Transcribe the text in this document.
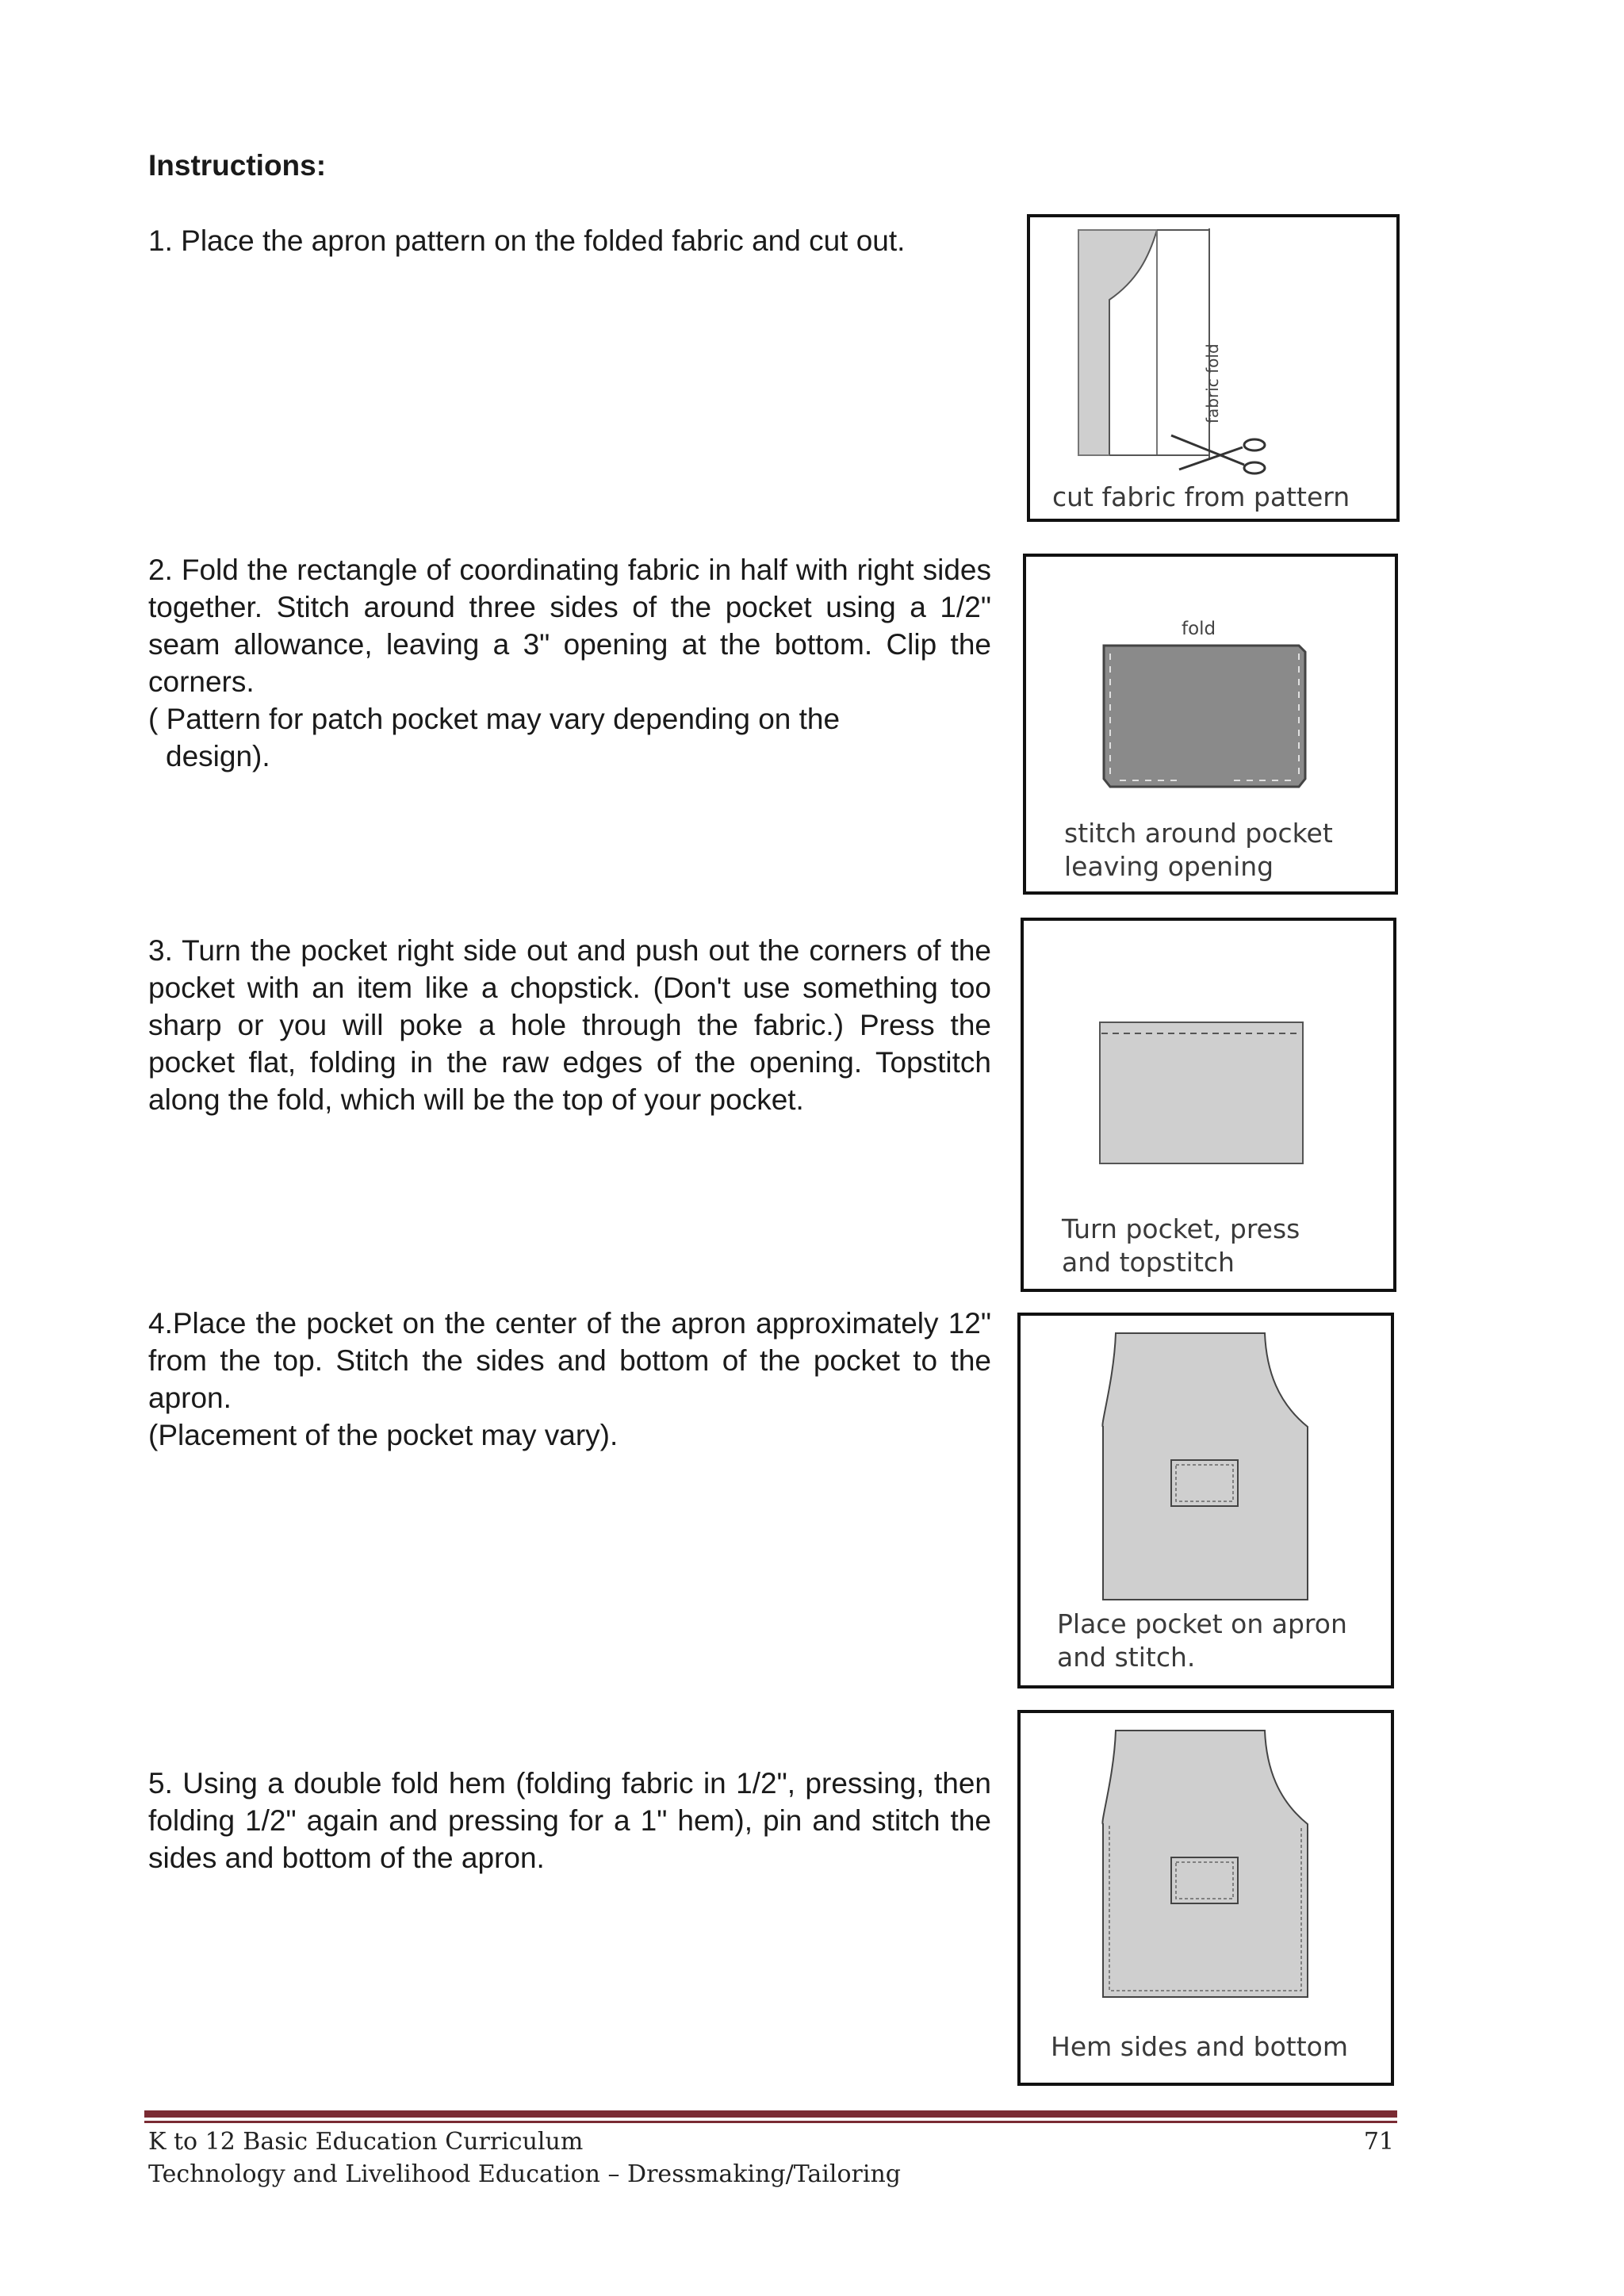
Instructions:

1. Place the apron pattern on the folded fabric and cut out.

fabric fold

cut fabric from pattern

2. Fold the rectangle of coordinating fabric in half with right sides together. Stitch around three sides of the pocket using a 1/2" seam allowance, leaving a 3" opening at the bottom. Clip the corners.

( Pattern for patch pocket may vary depending on the

design).

fold

stitch around pocket
leaving opening

3. Turn the pocket right side out and push out the corners of the pocket with an item like a chopstick. (Don't use something too sharp or you will poke a hole through the fabric.) Press the pocket flat, folding in the raw edges of the opening. Topstitch along the fold, which will be the top of your pocket.

Turn pocket, press
and topstitch

4.Place the pocket on the center of the apron approximately 12" from the top. Stitch the sides and bottom of the pocket to the apron.

(Placement of the pocket may vary).

Place pocket on apron
and stitch.

5. Using a double fold hem (folding fabric in 1/2", pressing, then folding 1/2" again and pressing for a 1" hem), pin and stitch the sides and bottom of the apron.

Hem sides and bottom

K to 12 Basic Education Curriculum

Technology and Livelihood Education – Dressmaking/Tailoring

71
